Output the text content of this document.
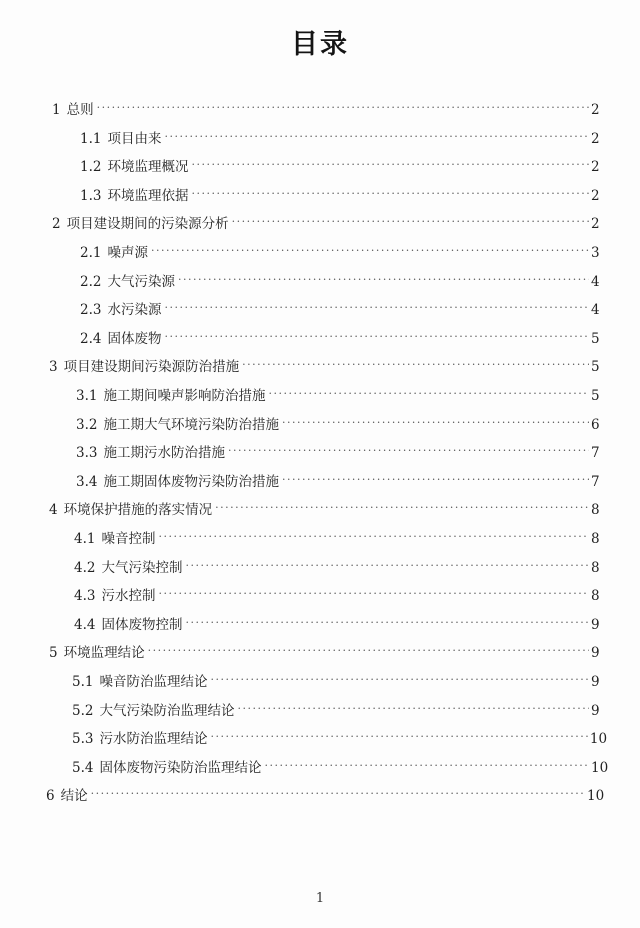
目录
1 总则 ·····	2
1.1 项目由来 ·····	2
1.2 环境监理概况 ·····	2
1.3 环境监理依据 ·····	2
2 项目建设期间的污染源分析 ·····	2
2.1 噪声源 ·····	3
2.2 大气污染源 ·····	4
2.3 水污染源 ·····	4
2.4 固体废物 ·····	5
3 项目建设期间污染源防治措施 ·····	5
3.1 施工期间噪声影响防治措施 ·····	5
3.2 施工期大气环境污染防治措施 ·····	6
3.3 施工期污水防治措施 ·····	7
3.4 施工期固体废物污染防治措施 ·····	7
4 环境保护措施的落实情况 ·····	8
4.1 噪音控制 ·····	8
4.2 大气污染控制 ·····	8
4.3 污水控制 ·····	8
4.4 固体废物控制 ·····	9
5 环境监理结论 ·····	9
5.1 噪音防治监理结论 ·····	9
5.2 大气污染防治监理结论 ·····	9
5.3 污水防治监理结论 ·····	10
5.4 固体废物污染防治监理结论 ·····	10
6 结论 ·····	10
1
